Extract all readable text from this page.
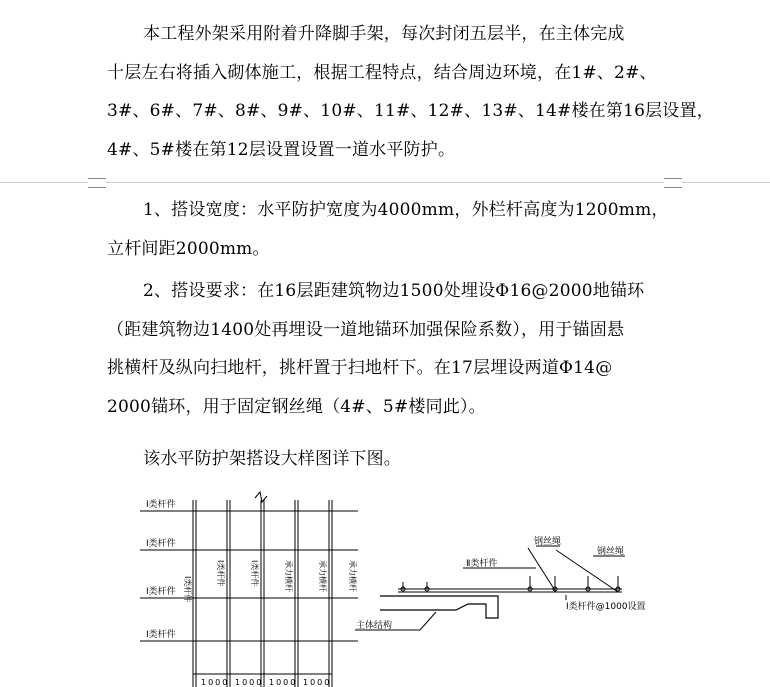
本工程外架采用附着升降脚手架，每次封闭五层半，在主体完成
十层左右将插入砌体施工，根据工程特点，结合周边环境，在1#、2#、
3#、6#、7#、8#、9#、10#、11#、12#、13#、14#楼在第16层设置，
4#、5#楼在第12层设置设置一道水平防护。
1、搭设宽度：水平防护宽度为4000mm，外栏杆高度为1200mm，
立杆间距2000mm。
2、搭设要求：在16层距建筑物边1500处埋设Φ16@2000地锚环
（距建筑物边1400处再埋设一道地锚环加强保险系数），用于锚固悬
挑横杆及纵向扫地杆，挑杆置于扫地杆下。在17层埋设两道Φ14@
2000锚环，用于固定钢丝绳（4#、5#楼同此）。
该水平防护架搭设大样图详下图。
Ⅰ类杆件
Ⅰ类杆件
Ⅰ类杆件
Ⅰ类杆件
Ⅰ类杆件
Ⅰ类杆件	Ⅰ类杆件	承力横杆	承力横杆	承力横杆
1000 1000 1000 1000
Ⅱ类杆件
钢丝绳
钢丝绳
Ⅰ类杆件@1000设置
主体结构
